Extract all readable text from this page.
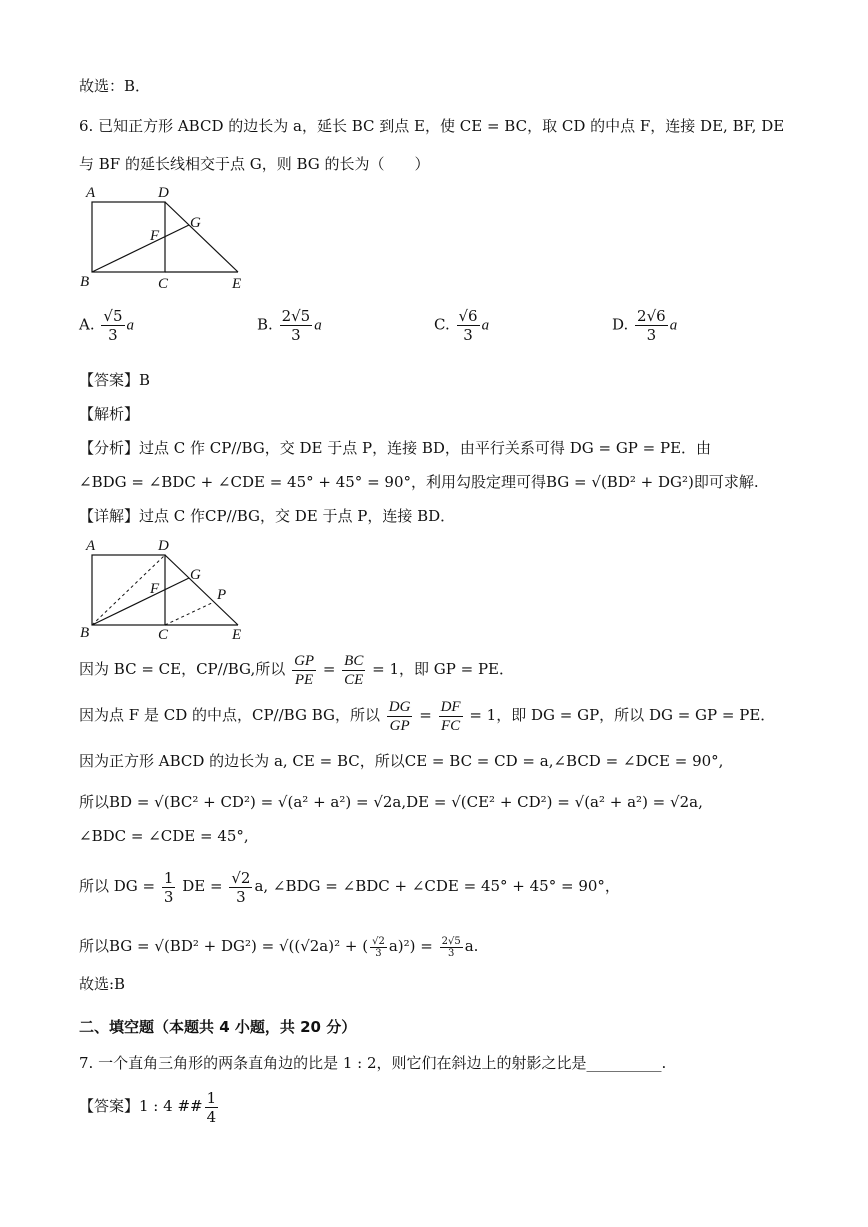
故选：B．
6. 已知正方形 ABCD 的边长为 a，延长 BC 到点 E，使 CE = BC，取 CD 的中点 F，连接 DE, BF, DE
与 BF 的延长线相交于点 G，则 BG 的长为（　　）
A	D
G
F
B	C	E
A. $\frac{√5}{3}$ a	B. $\frac{2√5}{3}$ a	C. $\frac{√6}{3}$ a	D. $\frac{2√6}{3}$ a
【答案】B
【解析】
【分析】过点 C 作 CP//BG，交 DE 于点 P，连接 BD，由平行关系可得 DG = GP = PE．由
∠BDG = ∠BDC + ∠CDE = 45° + 45° = 90°，利用勾股定理可得BG = √(BD² + DG²)即可求解.
【详解】过点 C 作CP//BG，交 DE 于点 P，连接 BD．
A	D
G
F	P
B	C	E
因为 BC = CE，CP//BG,所以 $\frac{GP}{PE} = \frac{BC}{CE} = 1$，即 GP = PE．
因为点 F 是 CD 的中点，CP//BG BG，所以 $\frac{DG}{GP} = \frac{DF}{FC} = 1$，即 DG = GP，所以 DG = GP = PE．
因为正方形 ABCD 的边长为 a, CE = BC，所以CE = BC = CD = a,∠BCD = ∠DCE = 90°,
所以BD = √(BC² + CD²) = √(a² + a²) = √2a,DE = √(CE² + CD²) = √(a² + a²) = √2a,
∠BDC = ∠CDE = 45°,
所以 DG = $\frac{1}{3}$ DE = $\frac{√2}{3} a$, ∠BDG = ∠BDC + ∠CDE = 45° + 45° = 90°，
所以BG = √(BD² + DG²) = √((√2a)² + ( $\frac{√2}{3} a)^2) = \frac{2√5}{3} a$.
故选:B
二、填空题（本题共 4 小题，共 20 分）
7. 一个直角三角形的两条直角边的比是 1 : 2，则它们在斜边上的射影之比是__________.
【答案】1 : 4 ## $\frac{1}{4}$
